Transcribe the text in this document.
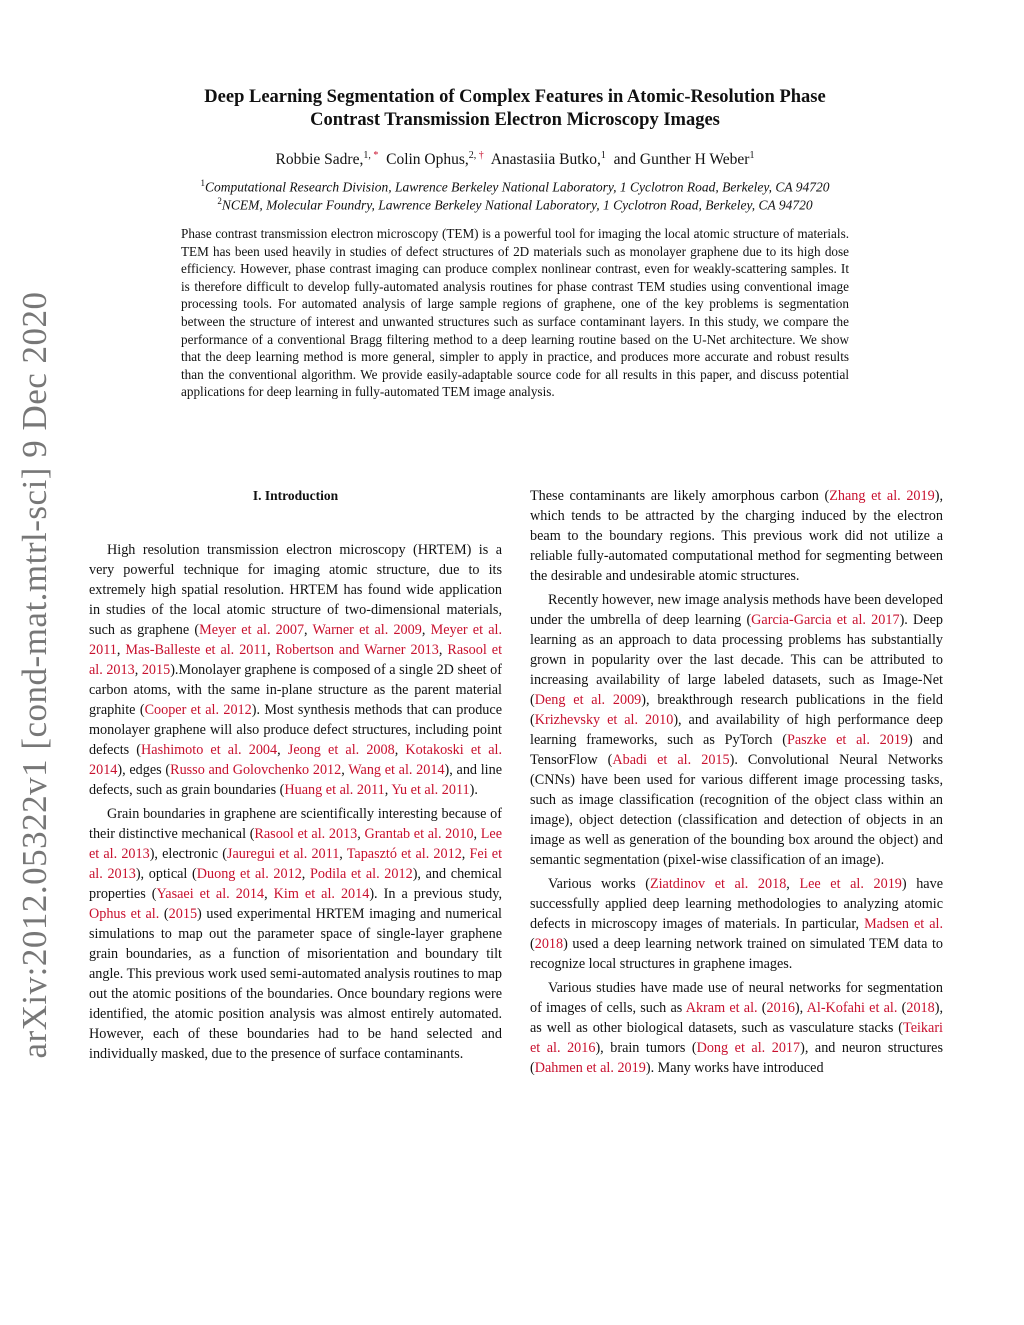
arXiv:2012.05322v1 [cond-mat.mtrl-sci] 9 Dec 2020
Deep Learning Segmentation of Complex Features in Atomic-Resolution Phase
Contrast Transmission Electron Microscopy Images
Robbie Sadre,$^{1,}$ * Colin Ophus,$^{2,}$ † Anastasiia Butko,$^1$ and Gunther H Weber$^1$
$^1$Computational Research Division, Lawrence Berkeley National Laboratory, 1 Cyclotron Road, Berkeley, CA 94720
$^2$NCEM, Molecular Foundry, Lawrence Berkeley National Laboratory, 1 Cyclotron Road, Berkeley, CA 94720
Phase contrast transmission electron microscopy (TEM) is a powerful tool for imaging the local atomic structure of materials. TEM has been used heavily in studies of defect structures of 2D materials such as monolayer graphene due to its high dose efficiency. However, phase contrast imaging can produce complex nonlinear contrast, even for weakly-scattering samples. It is therefore difficult to develop fully-automated analysis routines for phase contrast TEM studies using conventional image processing tools. For automated analysis of large sample regions of graphene, one of the key problems is segmentation between the structure of interest and unwanted structures such as surface contaminant layers. In this study, we compare the performance of a conventional Bragg filtering method to a deep learning routine based on the U-Net architecture. We show that the deep learning method is more general, simpler to apply in practice, and produces more accurate and robust results than the conventional algorithm. We provide easily-adaptable source code for all results in this paper, and discuss potential applications for deep learning in fully-automated TEM image analysis.
I. Introduction

High resolution transmission electron microscopy (HRTEM) is a very powerful technique for imaging atomic structure, due to its extremely high spatial resolution. HRTEM has found wide application in studies of the local atomic structure of two-dimensional materials, such as graphene (Meyer et al. 2007, Warner et al. 2009, Meyer et al. 2011, Mas-Balleste et al. 2011, Robertson and Warner 2013, Rasool et al. 2013, 2015).Monolayer graphene is composed of a single 2D sheet of carbon atoms, with the same in-plane structure as the parent material graphite (Cooper et al. 2012). Most synthesis methods that can produce monolayer graphene will also produce defect structures, including point defects (Hashimoto et al. 2004, Jeong et al. 2008, Kotakoski et al. 2014), edges (Russo and Golovchenko 2012, Wang et al. 2014), and line defects, such as grain boundaries (Huang et al. 2011, Yu et al. 2011).

Grain boundaries in graphene are scientifically interesting because of their distinctive mechanical (Rasool et al. 2013, Grantab et al. 2010, Lee et al. 2013), electronic (Jauregui et al. 2011, Tapasztó et al. 2012, Fei et al. 2013), optical (Duong et al. 2012, Podila et al. 2012), and chemical properties (Yasaei et al. 2014, Kim et al. 2014). In a previous study, Ophus et al. (2015) used experimental HRTEM imaging and numerical simulations to map out the parameter space of single-layer graphene grain boundaries, as a function of misorientation and boundary tilt angle. This previous work used semi-automated analysis routines to map out the atomic positions of the boundaries. Once boundary regions were identified, the atomic position analysis was almost entirely automated. However, each of these boundaries had to be hand selected and individually masked, due to the presence of surface contaminants.

These contaminants are likely amorphous carbon (Zhang et al. 2019), which tends to be attracted by the charging induced by the electron beam to the boundary regions. This previous work did not utilize a reliable fully-automated computational method for segmenting between the desirable and undesirable atomic structures.

Recently however, new image analysis methods have been developed under the umbrella of deep learning (Garcia-Garcia et al. 2017). Deep learning as an approach to data processing problems has substantially grown in popularity over the last decade. This can be attributed to increasing availability of large labeled datasets, such as Image-Net (Deng et al. 2009), breakthrough research publications in the field (Krizhevsky et al. 2010), and availability of high performance deep learning frameworks, such as PyTorch (Paszke et al. 2019) and TensorFlow (Abadi et al. 2015). Convolutional Neural Networks (CNNs) have been used for various different image processing tasks, such as image classification (recognition of the object class within an image), object detection (classification and detection of objects in an image as well as generation of the bounding box around the object) and semantic segmentation (pixel-wise classification of an image).

Various works (Ziatdinov et al. 2018, Lee et al. 2019) have successfully applied deep learning methodologies to analyzing atomic defects in microscopy images of materials. In particular, Madsen et al. (2018) used a deep learning network trained on simulated TEM data to recognize local structures in graphene images.

Various studies have made use of neural networks for segmentation of images of cells, such as Akram et al. (2016), Al-Kofahi et al. (2018), as well as other biological datasets, such as vasculature stacks (Teikari et al. 2016), brain tumors (Dong et al. 2017), and neuron structures (Dahmen et al. 2019). Many works have introduced
